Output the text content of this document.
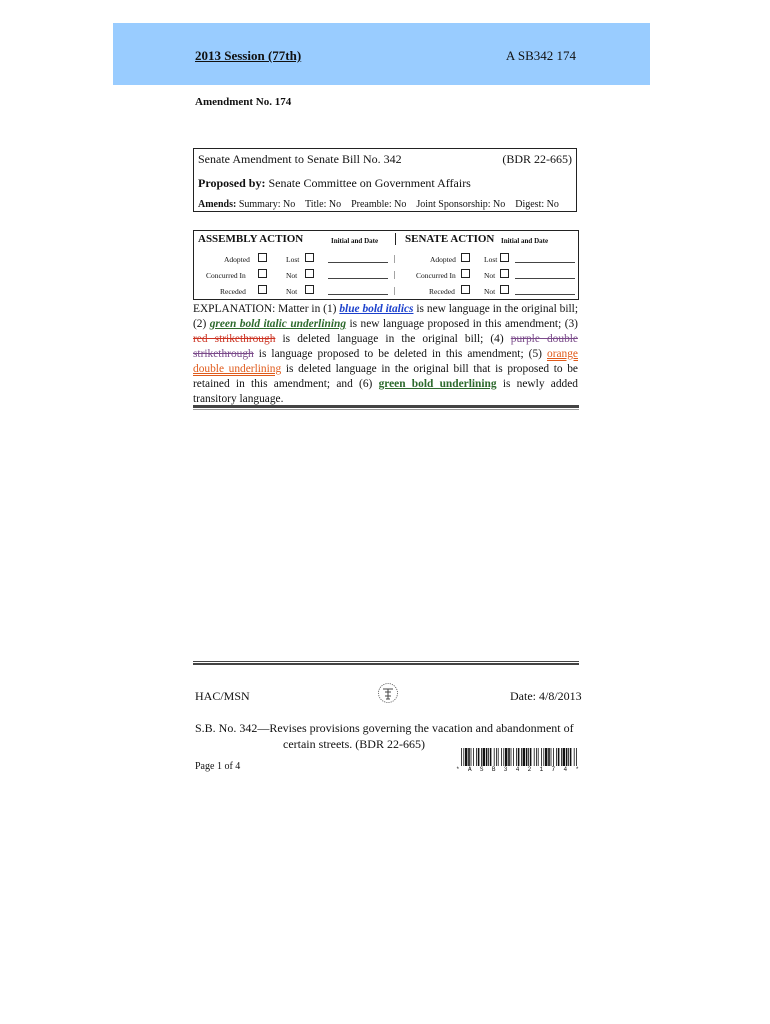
2013 Session (77th)	A SB342 174
Amendment No. 174
Senate Amendment to Senate Bill No. 342	(BDR 22-665)
Proposed by: Senate Committee on Government Affairs
Amends: Summary: No    Title: No    Preamble: No    Joint Sponsorship: No    Digest: No
ASSEMBLY ACTION	Initial and Date SENATE ACTION Initial and Date
Adopted	Lost	|	Adopted	Lost
Concurred In	Not	|	Concurred In	Not
Receded	Not	|	Receded	Not
EXPLANATION: Matter in (1) blue bold italics is new language in the original bill; (2) green bold italic underlining is new language proposed in this amendment; (3) red strikethrough is deleted language in the original bill; (4) purple double strikethrough is language proposed to be deleted in this amendment; (5) orange double underlining is deleted language in the original bill that is proposed to be retained in this amendment; and (6) green bold underlining is newly added transitory language.
HAC/MSN	Date: 4/8/2013
S.B. No. 342—Revises provisions governing the vacation and abandonment of
certain streets. (BDR 22-665)
Page 1 of 4	* A S B 3 4 2 1 7 4 *
